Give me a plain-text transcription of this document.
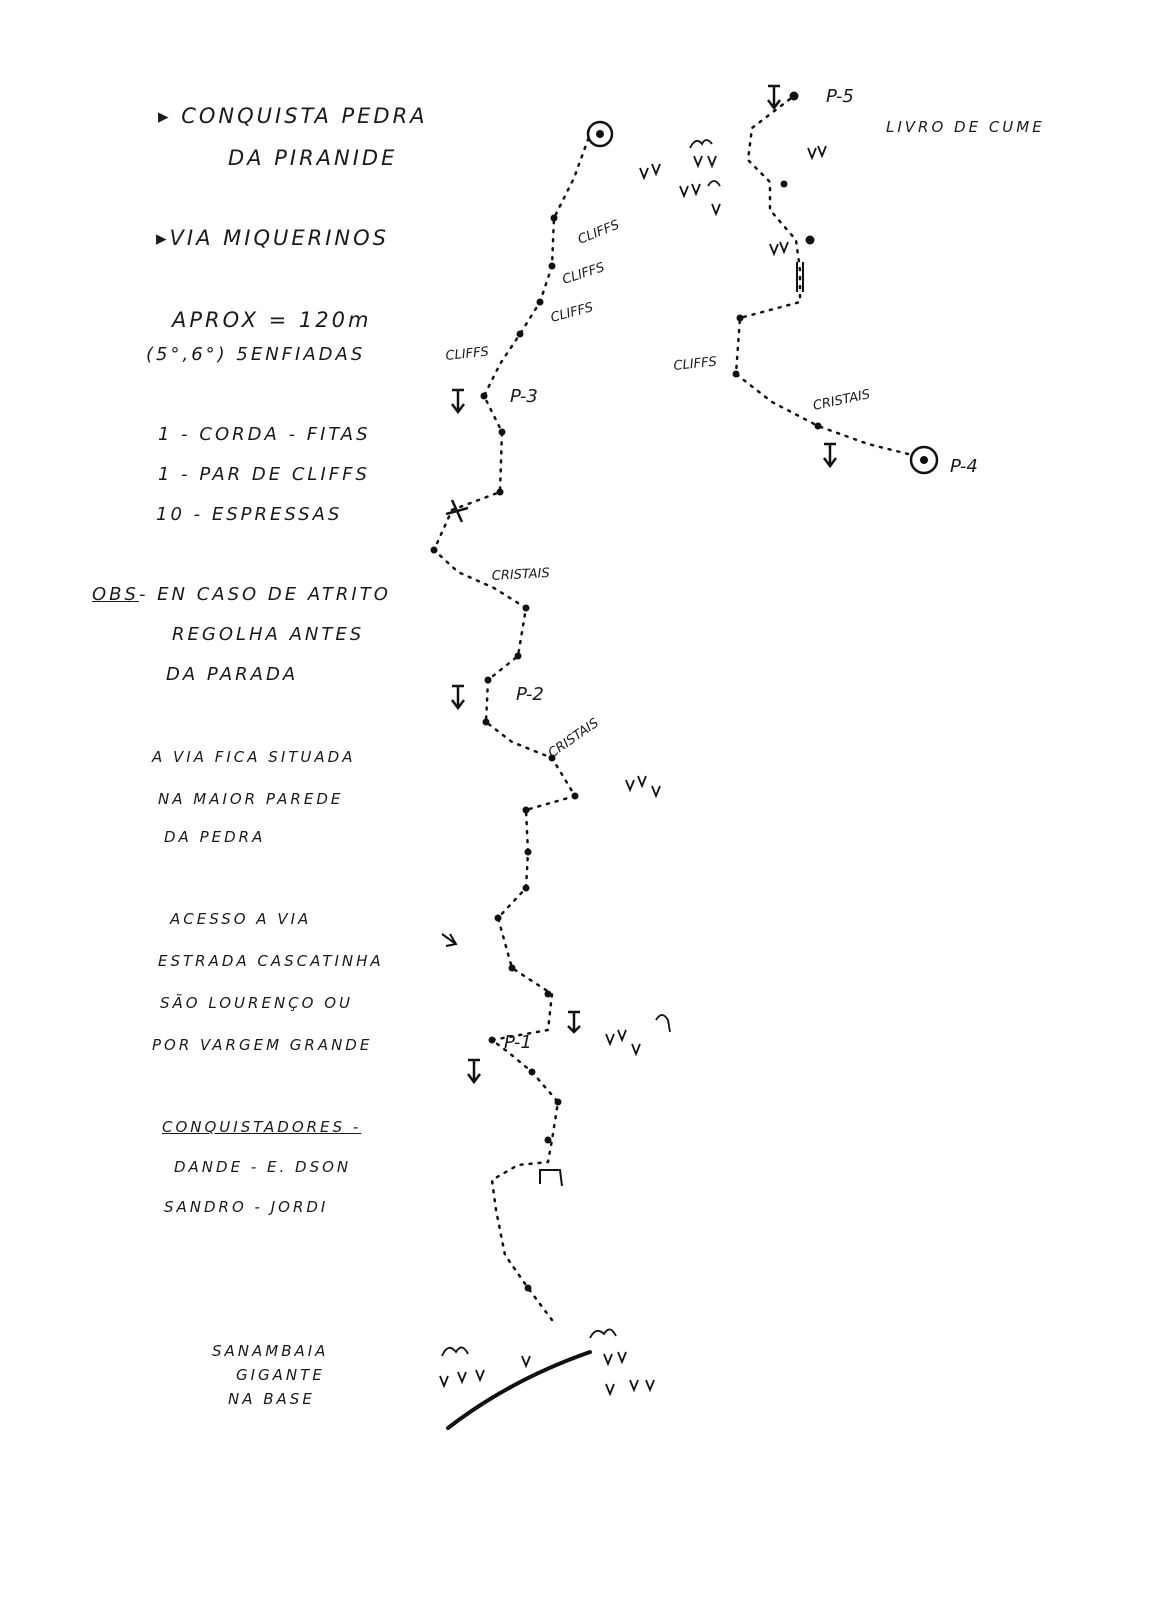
▸ CONQUISTA PEDRA
DA PIRANIDE
▸VIA MIQUERINOS
APROX = 120m
(5°,6°) 5ENFIADAS
1 - CORDA - FITAS
1 - PAR DE CLIFFS
10 - ESPRESSAS
OBS- EN CASO DE ATRITO
REGOLHA ANTES
DA PARADA
A VIA FICA SITUADA
NA MAIOR PAREDE
DA PEDRA
ACESSO A VIA
ESTRADA CASCATINHA
SÃO LOURENÇO OU
POR VARGEM GRANDE
CONQUISTADORES -
DANDE - E. DSON
SANDRO - JORDI
SANAMBAIA
GIGANTE
NA BASE
LIVRO DE CUME
P-1
P-2
P-3
P-4
P-5
CLIFFS
CLIFFS
CLIFFS
CLIFFS
CLIFFS
CRISTAIS
CRISTAIS
CRISTAIS
